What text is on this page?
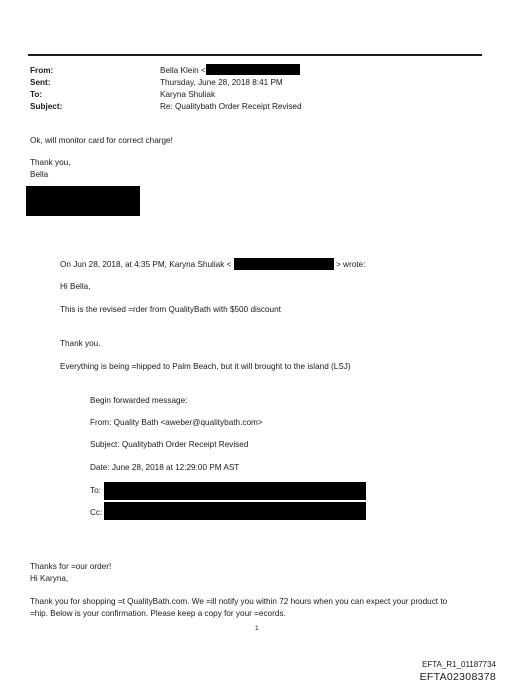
From:	Bella Klein <
Sent:	Thursday, June 28, 2018 8:41 PM
To:	Karyna Shuliak
Subject:	Re: Qualitybath Order Receipt Revised
Ok, will monitor card for correct charge!
Thank you,
Bella
On Jun 28, 2018, at 4:35 PM, Karyna Shuliak <	> wrote:
Hi Bella,
This is the revised =rder from QualityBath with $500 discount
Thank you.
Everything is being =hipped to Palm Beach, but it will brought to the island (LSJ)
Begin forwarded message:
From: Quality Bath <aweber@qualitybath.com>
Subject: Qualitybath Order Receipt Revised
Date: June 28, 2018 at 12:29:00 PM AST
To:
Cc:
Thanks for =our order!
Hi Karyna,
Thank you for shopping =t QualityBath.com. We =ill notify you within 72 hours when you can expect your product to
=hip. Below is your confirmation. Please keep a copy for your =ecords.
1
EFTA_R1_01187734
EFTA02308378
